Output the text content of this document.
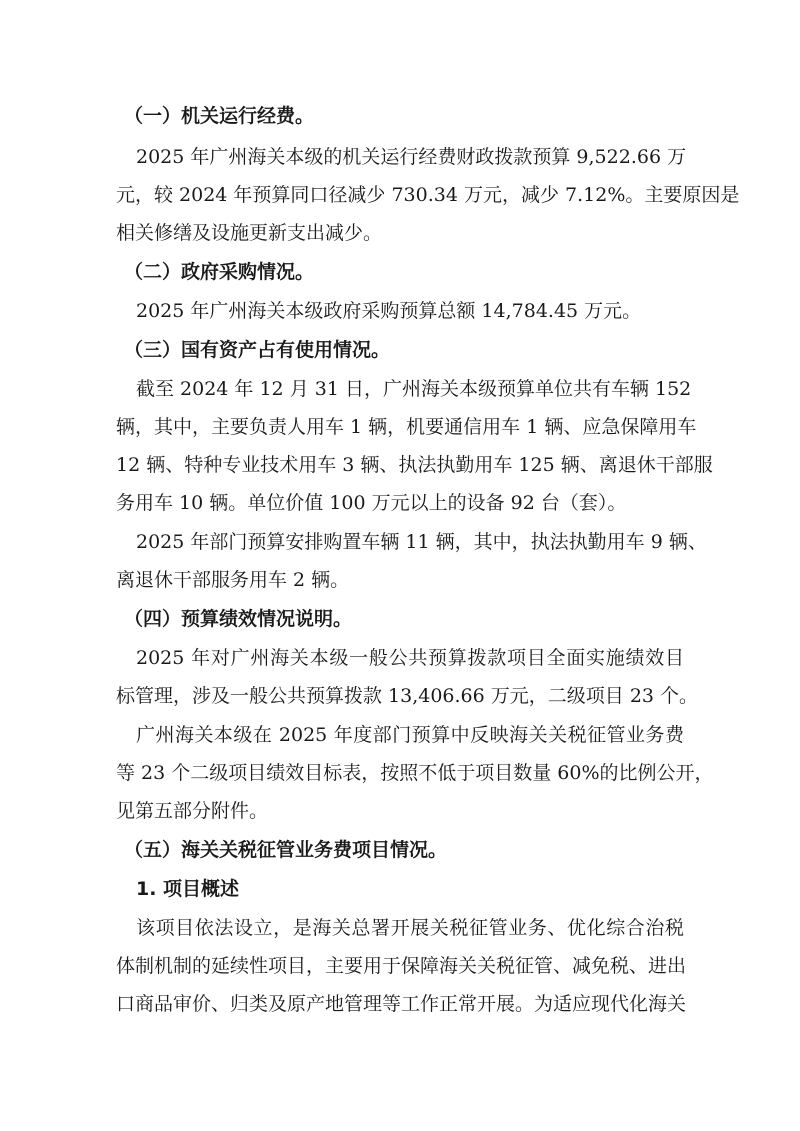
（一）机关运行经费。
2025 年广州海关本级的机关运行经费财政拨款预算 9,522.66 万
元，较 2024 年预算同口径减少 730.34 万元，减少 7.12%。主要原因是
相关修缮及设施更新支出减少。
（二）政府采购情况。
2025 年广州海关本级政府采购预算总额 14,784.45 万元。
（三）国有资产占有使用情况。
截至 2024 年 12 月 31 日，广州海关本级预算单位共有车辆 152
辆，其中，主要负责人用车 1 辆，机要通信用车 1 辆、应急保障用车
12 辆、特种专业技术用车 3 辆、执法执勤用车 125 辆、离退休干部服
务用车 10 辆。单位价值 100 万元以上的设备 92 台（套）。
2025 年部门预算安排购置车辆 11 辆，其中，执法执勤用车 9 辆、
离退休干部服务用车 2 辆。
（四）预算绩效情况说明。
2025 年对广州海关本级一般公共预算拨款项目全面实施绩效目
标管理，涉及一般公共预算拨款 13,406.66 万元，二级项目 23 个。
广州海关本级在 2025 年度部门预算中反映海关关税征管业务费
等 23 个二级项目绩效目标表，按照不低于项目数量 60%的比例公开，
见第五部分附件。
（五）海关关税征管业务费项目情况。
1. 项目概述
该项目依法设立，是海关总署开展关税征管业务、优化综合治税
体制机制的延续性项目，主要用于保障海关关税征管、减免税、进出
口商品审价、归类及原产地管理等工作正常开展。为适应现代化海关
